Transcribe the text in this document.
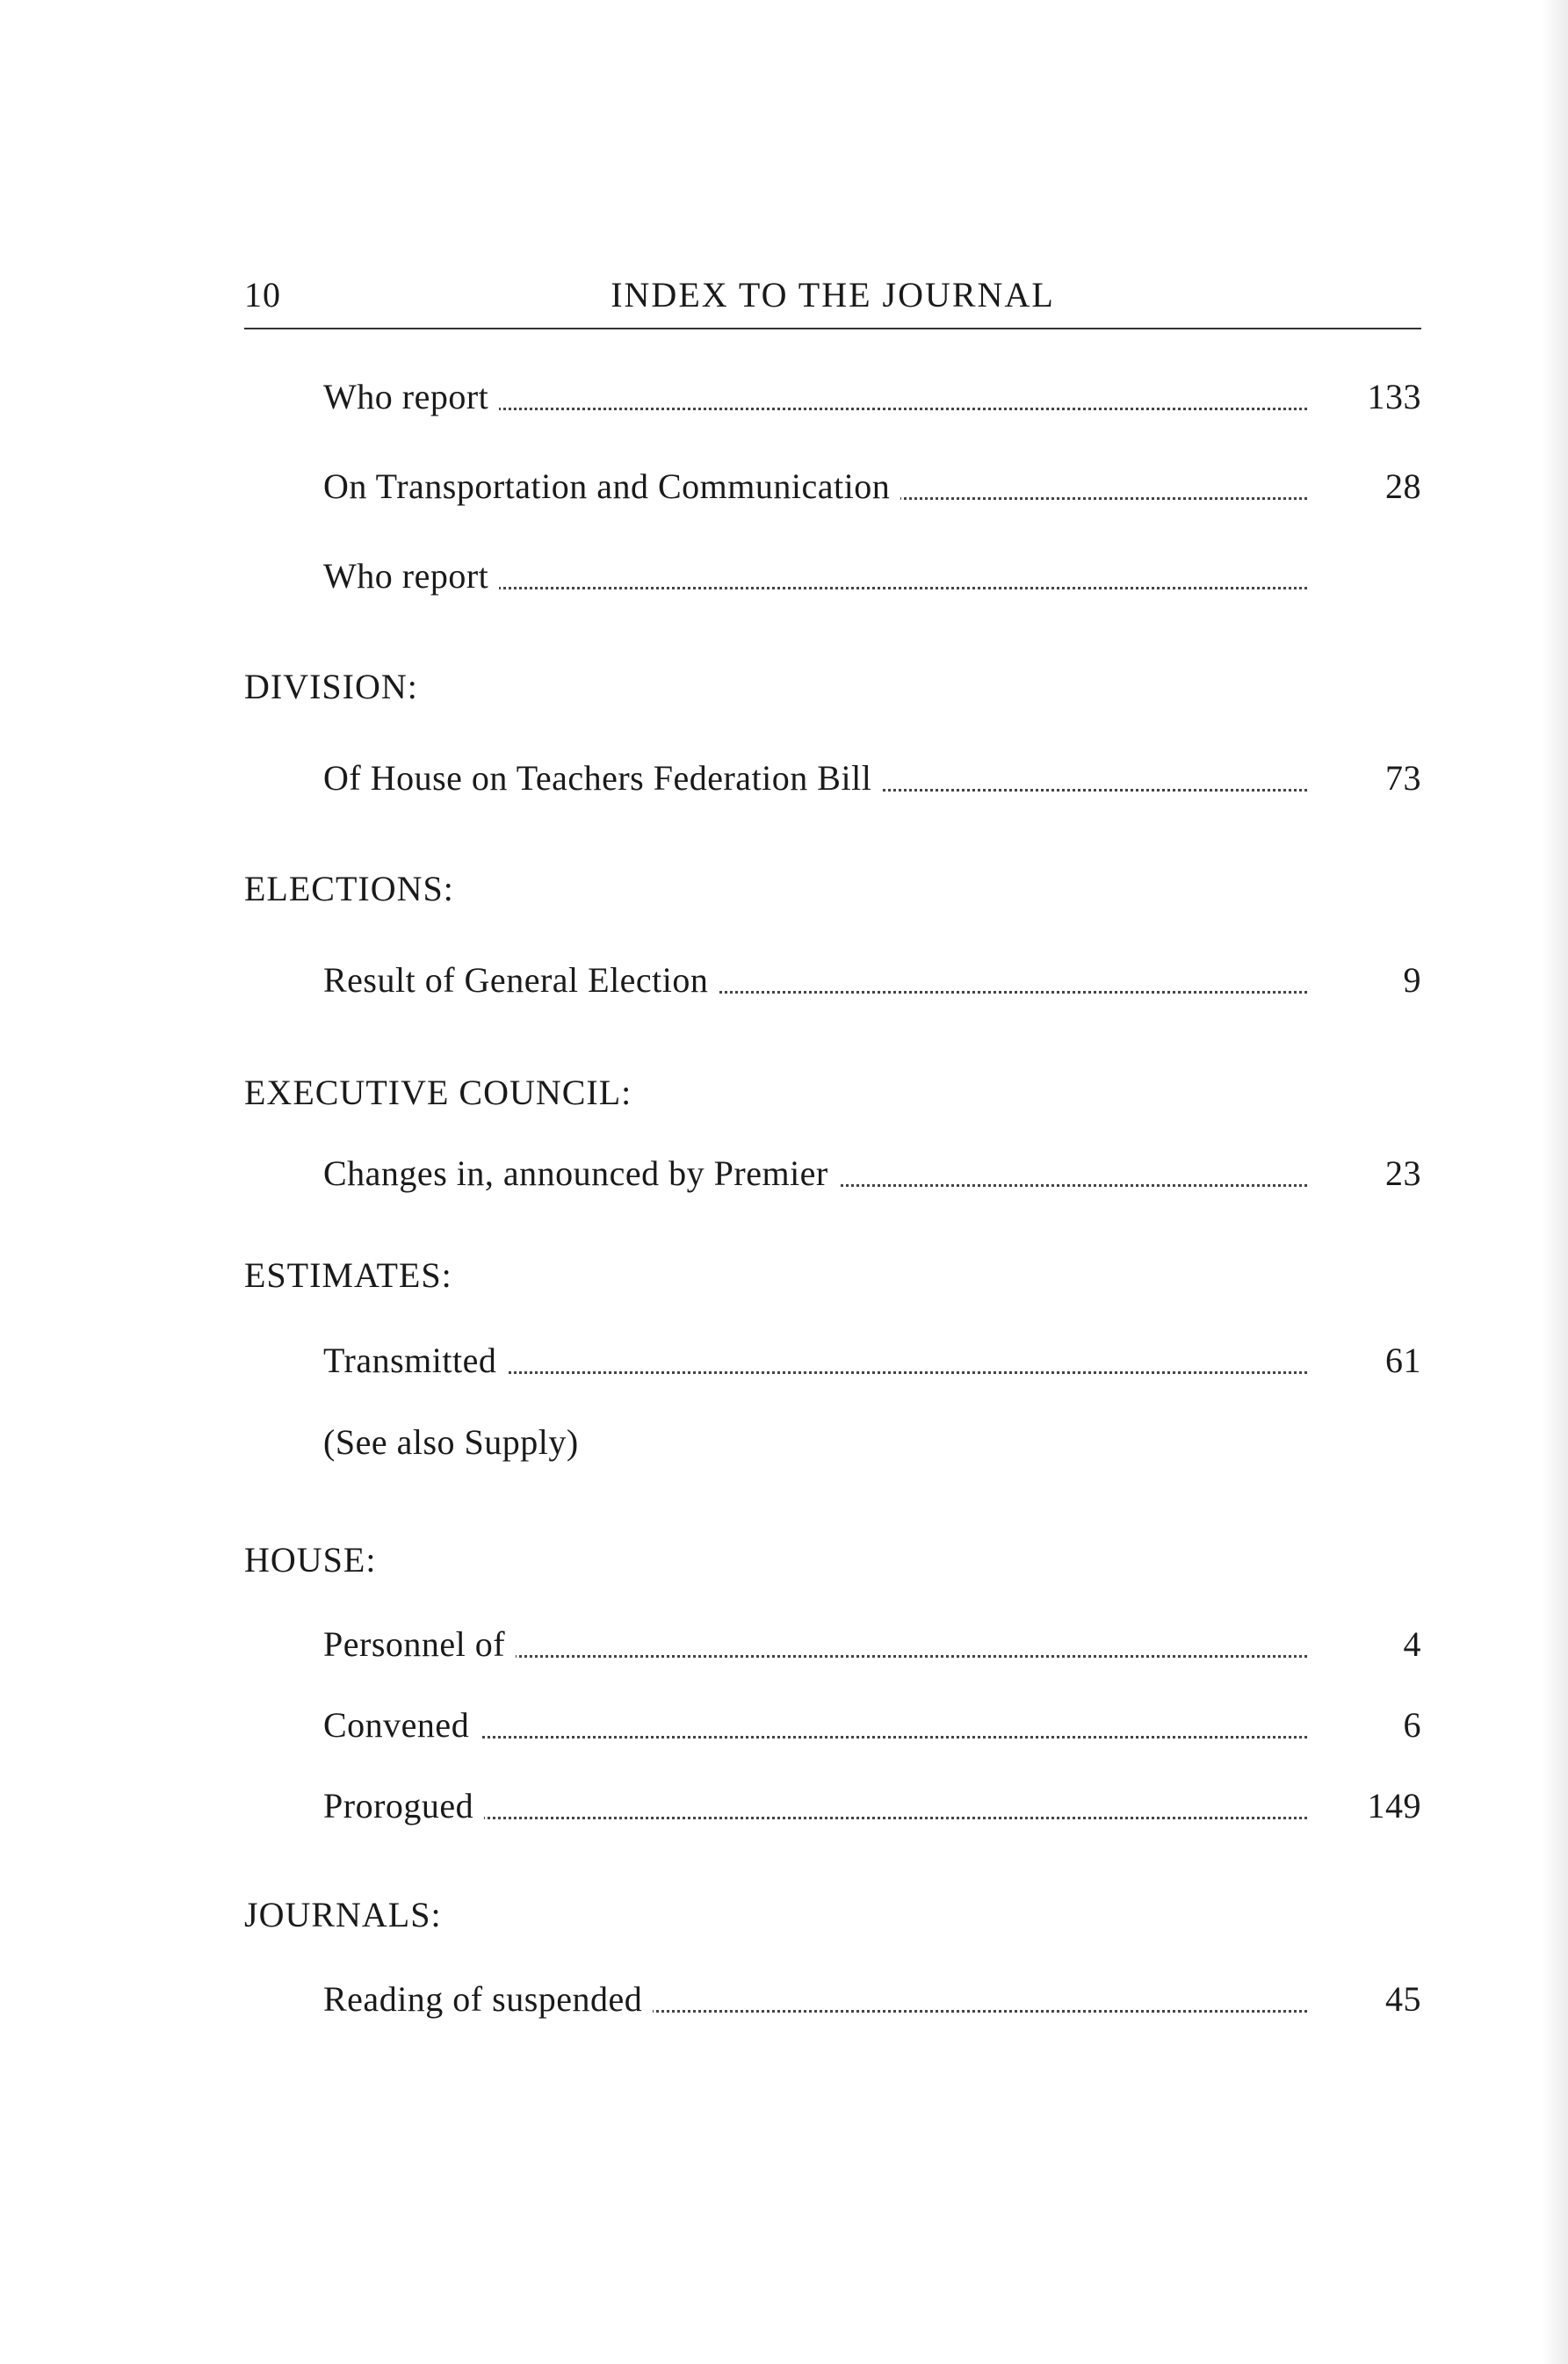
10	INDEX TO THE JOURNAL
Who report	133
On Transportation and Communication	28
Who report
DIVISION:
Of House on Teachers Federation Bill	73
ELECTIONS:
Result of General Election	9
EXECUTIVE COUNCIL:
Changes in, announced by Premier	23
ESTIMATES:
Transmitted	61
(See also Supply)
HOUSE:
Personnel of	4
Convened	6
Prorogued	149
JOURNALS:
Reading of suspended	45
